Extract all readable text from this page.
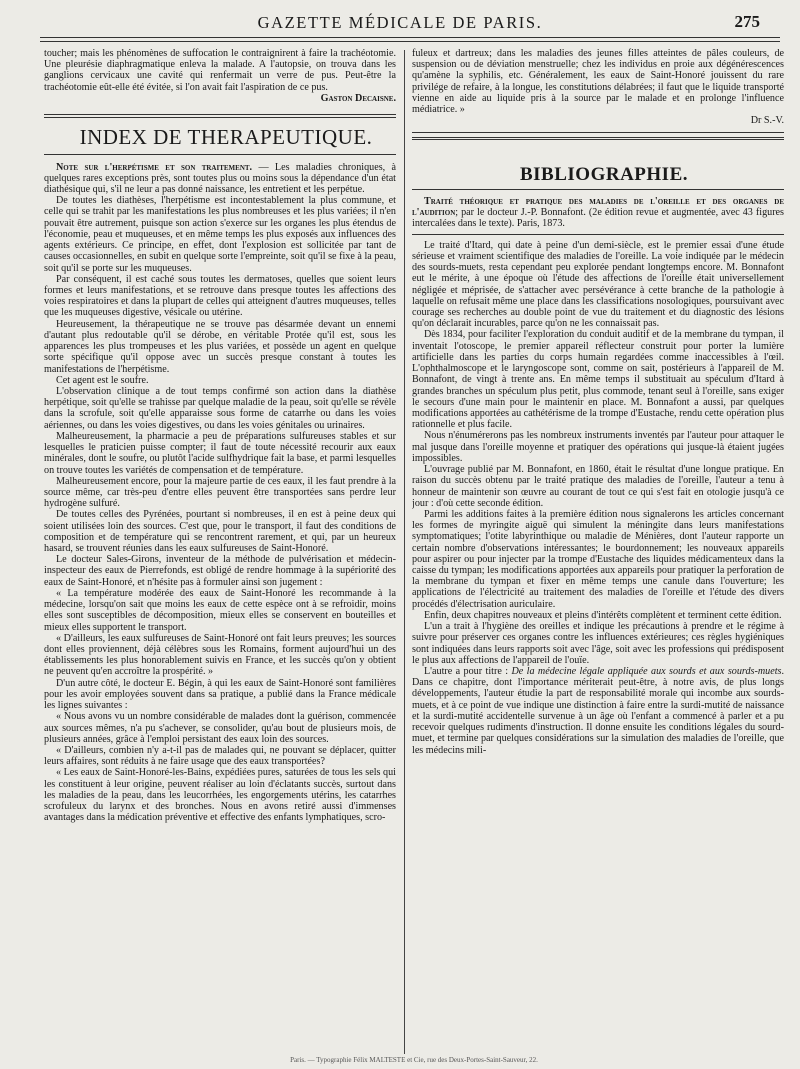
GAZETTE MÉDICALE DE PARIS.	275

toucher; mais les phénomènes de suffocation le contraignirent à faire la trachéotomie. Une pleurésie diaphragmatique enleva la malade. A l'autopsie, on trouva dans les ganglions cervicaux une cavité qui renfermait un verre de pus. Peut-être la trachéotomie eût-elle été évitée, si l'on avait fait l'aspiration de ce pus.

Gaston Decaisne.

INDEX DE THERAPEUTIQUE.

Note sur l'herpétisme et son traitement. — Les maladies chroniques, à quelques rares exceptions près, sont toutes plus ou moins sous la dépendance d'un état diathésique qui, s'il ne leur a pas donné naissance, les entretient et les perpétue.

De toutes les diathèses, l'herpétisme est incontestablement la plus commune, et celle qui se trahit par les manifestations les plus nombreuses et les plus variées; il n'en pouvait être autrement, puisque son action s'exerce sur les organes les plus étendus de l'économie, peau et muqueuses, et en même temps les plus exposés aux influences des agents extérieurs. Ce principe, en effet, dont l'explosion est sollicitée par tant de causes occasionnelles, en subit en quelque sorte l'empreinte, soit qu'il se fixe à la peau, soit qu'il se porte sur les muqueuses.

Par conséquent, il est caché sous toutes les dermatoses, quelles que soient leurs formes et leurs manifestations, et se retrouve dans presque toutes les affections des voies respiratoires et dans la plupart de celles qui atteignent d'autres muqueuses, telles que les muqueuses digestive, vésicale ou utérine.

Heureusement, la thérapeutique ne se trouve pas désarmée devant un ennemi d'autant plus redoutable qu'il se dérobe, en véritable Protée qu'il est, sous les apparences les plus trompeuses et les plus variées, et possède un agent en quelque sorte spécifique qu'il oppose avec un succès presque constant à toutes les manifestations de l'herpétisme.

Cet agent est le soufre.

L'observation clinique a de tout temps confirmé son action dans la diathèse herpétique, soit qu'elle se trahisse par quelque maladie de la peau, soit qu'elle se révèle dans la scrofule, soit qu'elle apparaisse sous forme de catarrhe ou dans les voies aériennes, ou dans les voies digestives, ou dans les voies génitales ou urinaires.

Malheureusement, la pharmacie a peu de préparations sulfureuses stables et sur lesquelles le praticien puisse compter; il faut de toute nécessité recourir aux eaux minérales, dont le soufre, ou plutôt l'acide sulfhydrique fait la base, et parmi lesquelles on trouve toutes les variétés de compensation et de température.

Malheureusement encore, pour la majeure partie de ces eaux, il les faut prendre à la source même, car très-peu d'entre elles peuvent être transportées sans perdre leur hydrogène sulfuré.

De toutes celles des Pyrénées, pourtant si nombreuses, il en est à peine deux qui soient utilisées loin des sources. C'est que, pour le transport, il faut des conditions de composition et de température qui se rencontrent rarement, et qui, par un heureux hasard, se trouvent réunies dans les eaux sulfureuses de Saint-Honoré.

Le docteur Sales-Girons, inventeur de la méthode de pulvérisation et médecin-inspecteur des eaux de Pierrefonds, est obligé de rendre hommage à la supériorité des eaux de Saint-Honoré, et n'hésite pas à formuler ainsi son jugement :

« La température modérée des eaux de Saint-Honoré les recommande à la médecine, lorsqu'on sait que moins les eaux de cette espèce ont à se refroidir, moins elles sont susceptibles de décomposition, mieux elles se conservent en bouteilles et mieux elles supportent le transport.

« D'ailleurs, les eaux sulfureuses de Saint-Honoré ont fait leurs preuves; les sources dont elles proviennent, déjà célèbres sous les Romains, forment aujourd'hui un des établissements les plus honorablement suivis en France, et les succès qu'on y obtient ne peuvent qu'en accroître la prospérité. »

D'un autre côté, le docteur E. Bégin, à qui les eaux de Saint-Honoré sont familières pour les avoir employées souvent dans sa pratique, a publié dans la France médicale les lignes suivantes :

« Nous avons vu un nombre considérable de malades dont la guérison, commencée aux sources mêmes, n'a pu s'achever, se consolider, qu'au bout de plusieurs mois, de plusieurs années, grâce à l'emploi persistant des eaux loin des sources.

« D'ailleurs, combien n'y a-t-il pas de malades qui, ne pouvant se déplacer, quitter leurs affaires, sont réduits à ne faire usage que des eaux transportées?

« Les eaux de Saint-Honoré-les-Bains, expédiées pures, saturées de tous les sels qui les constituent à leur origine, peuvent réaliser au loin d'éclatants succès, surtout dans les maladies de la peau, dans les leucorrhées, les engorgements utérins, les catarrhes scrofuleux du larynx et des bronches. Nous en avons retiré aussi d'immenses avantages dans la médication préventive et effective des enfants lymphatiques, scro-

fuleux et dartreux; dans les maladies des jeunes filles atteintes de pâles couleurs, de suspension ou de déviation menstruelle; chez les individus en proie aux dégénérescences qu'amène la syphilis, etc. Généralement, les eaux de Saint-Honoré jouissent du rare privilége de refaire, à la longue, les constitutions délabrées; il faut que le liquide transporté vienne en aide au liquide pris à la source par le malade et en prolonge l'influence médiatrice. »

Dr S.-V.

BIBLIOGRAPHIE.

Traité théorique et pratique des maladies de l'oreille et des organes de l'audition; par le docteur J.-P. Bonnafont. (2e édition revue et augmentée, avec 43 figures intercalées dans le texte). Paris, 1873.

Le traité d'Itard, qui date à peine d'un demi-siècle, est le premier essai d'une étude sérieuse et vraiment scientifique des maladies de l'oreille. La voie indiquée par le médecin des sourds-muets, resta cependant peu explorée pendant longtemps encore. M. Bonnafont eut le mérite, à une époque où l'étude des affections de l'oreille était universellement négligée et méprisée, de s'attacher avec persévérance à cette branche de la pathologie à laquelle on refusait même une place dans les classifications nosologiques, poursuivant avec courage ses recherches au double point de vue du traitement et du diagnostic des lésions qu'on déclarait incurables, parce qu'on ne les connaissait pas.

Dès 1834, pour faciliter l'exploration du conduit auditif et de la membrane du tympan, il inventait l'otoscope, le premier appareil réflecteur construit pour porter la lumière artificielle dans les parties du corps humain regardées comme inaccessibles à l'œil. L'ophthalmoscope et le laryngoscope sont, comme on sait, postérieurs à l'appareil de M. Bonnafont, de vingt à trente ans. En même temps il substituait au spéculum d'Itard à grandes branches un spéculum plus petit, plus commode, tenant seul à l'oreille, sans exiger le secours d'une main pour le maintenir en place. M. Bonnafont a aussi, par quelques modifications apportées au cathétérisme de la trompe d'Eustache, rendu cette opération plus rationnelle et plus facile.

Nous n'énumérerons pas les nombreux instruments inventés par l'auteur pour attaquer le mal jusque dans l'oreille moyenne et pratiquer des opérations qui jusque-là étaient jugées impossibles.

L'ouvrage publié par M. Bonnafont, en 1860, était le résultat d'une longue pratique. En raison du succès obtenu par le traité pratique des maladies de l'oreille, l'auteur a tenu à honneur de maintenir son œuvre au courant de tout ce qui s'est fait en otologie jusqu'à ce jour : d'où cette seconde édition.

Parmi les additions faites à la première édition nous signalerons les articles concernant les formes de myringite aiguë qui simulent la méningite dans leurs manifestations symptomatiques; l'otite labyrinthique ou maladie de Ménières, dont l'auteur rapporte un certain nombre d'observations intéressantes; le bourdonnement; les nouveaux appareils pour aspirer ou pour injecter par la trompe d'Eustache des liquides médicamenteux dans la caisse du tympan; les modifications apportées aux appareils pour pratiquer la perforation de la membrane du tympan et fixer en même temps une canule dans l'ouverture; les applications de l'électricité au traitement des maladies de l'oreille et l'étude des divers procédés d'électrisation auriculaire.

Enfin, deux chapitres nouveaux et pleins d'intérêts complètent et terminent cette édition.

L'un a trait à l'hygiène des oreilles et indique les précautions à prendre et le régime à suivre pour préserver ces organes contre les influences extérieures; ces règles hygiéniques sont indiquées dans leurs rapports soit avec l'âge, soit avec les professions qui prédisposent le plus aux affections de l'appareil de l'ouïe.

L'autre a pour titre : De la médecine légale appliquée aux sourds et aux sourds-muets. Dans ce chapitre, dont l'importance mériterait peut-être, à notre avis, de plus longs développements, l'auteur étudie la part de responsabilité morale qui incombe aux sourds-muets, et à ce point de vue indique une distinction à faire entre la surdi-mutité de naissance et la surdi-mutité accidentelle survenue à un âge où l'enfant a commencé à parler et a pu recevoir quelques rudiments d'instruction. Il donne ensuite les conditions légales du sourd-muet, et termine par quelques considérations sur la simulation des maladies de l'oreille, que les médecins mili-

Paris. — Typographie Félix MALTESTE et Cie, rue des Deux-Portes-Saint-Sauveur, 22.
